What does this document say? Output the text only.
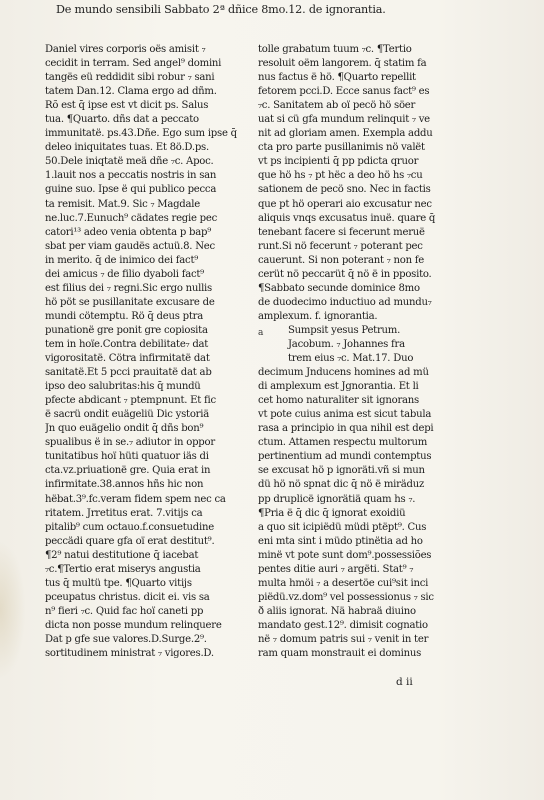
De mundo sensibili Sabbato 2ª dñice 8mo.12. de ignorantia.
Daniel vires corporis oës amisit ₇
cecidit in terram. Sed angel⁹ domini
tangës eü reddidit sibi robur ₇ sani
tatem Dan.12. Clama ergo ad dñm.
Rõ est q̄ ipse est vt dicit ps. Salus
tua. ¶Quarto. dñs dat a peccato
immunitatë. ps.43.Dñe. Ego sum ipse q̄
deleo iniquitates tuas. Et 8ö.D.ps.
50.Dele iniqtatë meä dñe ₇c. Apoc.
1.lauit nos a peccatis nostris in san
guine suo. Ipse ë qui publico pecca
ta remisit. Mat.9. Sic ₇ Magdale
ne.luc.7.Eunuch⁹ cädates regie pec
catori¹³ adeo venia obtenta p bap⁹
sbat per viam gaudës actuü.8. Nec
in merito. q̄ de inimico dei fact⁹
dei amicus ₇ de filio dyaboli fact⁹
est filius dei ₇ regni.Sic ergo nullis
hö pöt se pusillanitate excusare de
mundi cötemptu. Rö q̄ deus ptra
punationë gre ponit gre copiosita
tem in hoïe.Contra debilitate₇ dat
vigorositatë. Cötra infirmitatë dat
sanitatë.Et 5 pcci prauitatë dat ab
ipso deo salubritas:his q̄ mundü
pfecte abdicant ₇ ptempnunt. Et fic
ë sacrü ondit euägeliü Dic ystoriä
Jn quo euägelio ondit q̄ dñs bon⁹
spualibus ë in se.₇ adiutor in oppor
tunitatibus hoï hüti quatuor iäs di
cta.vz.priuationë gre. Quia erat in
infirmitate.38.annos hñs hic non
hëbat.3⁹.fc.veram fidem spem nec ca
ritatem. Jrretitus erat. 7.vitijs ca
pitalib⁹ cum octauo.f.consuetudine
peccädi quare gfa oï erat destitut⁹.
¶2⁹ natui destitutione q̄ iacebat
₇c.¶Tertio erat miserys angustia
tus q̄ multü tpe. ¶Quarto vitijs
pceupatus christus. dicit ei. vis sa
n⁹ fieri ₇c. Quid fac hoï caneti pp
dicta non posse mundum relinquere
Dat p gfe sue valores.D.Surge.2⁹.
sortitudinem ministrat ₇ vigores.D.
tolle grabatum tuum ₇c. ¶Tertio
resoluit oëm langorem. q̄ statim fa
nus factus ë hö. ¶Quarto repellit
fetorem pcci.D. Ecce sanus fact⁹ es
₇c. Sanitatem ab oï pecö hö söer
uat si cü gfa mundum relinquit ₇ ve
nit ad gloriam amen. Exempla addu
cta pro parte pusillanimis nö valët
vt ps incipienti q̄ pp pdicta qruor
que hö hs ₇ pt hëc a deo hö hs ₇cu
sationem de pecö sno. Nec in factis
que pt hö operari aio excusatur nec
aliquis vnqs excusatus inuë. quare q̄
tenebant facere si fecerunt meruë
runt.Si nö fecerunt ₇ poterant pec
cauerunt. Si non poterant ₇ non fe
cerüt nö peccarüt q̄ nö ë in pposito.
¶Sabbato secunde dominice 8mo
de duodecimo inductiuo ad mundu₇
amplexum. f. ignorantia.
Sumpsit yesus Petrum.
Jacobum. ₇ Johannes fra
trem eius ₇c. Mat.17. Duo
decimum Jnducens homines ad mü
di amplexum est Jgnorantia. Et li
cet homo naturaliter sit ignorans
vt pote cuius anima est sicut tabula
rasa a principio in qua nihil est depi
ctum. Attamen respectu multorum
pertinentium ad mundi contemptus
se excusat hö p ignoräti.vñ si mun
dü hö nö spnat dic q̄ nö ë miräduz
pp druplicë ignorätiä quam hs ₇.
¶Pria ë q̄ dic q̄ ignorat exoidiü
a quo sit icipiëdü müdi ptëpt⁹. Cus
eni mta sint i müdo ptinëtia ad ho
minë vt pote sunt dom⁹.possessiões
pentes ditie auri ₇ argëti. Stat⁹ ₇
multa hmöi ₇ a desertöe cui⁹sit inci
piëdü.vz.dom⁹ vel possessionus ₇ sic
ð aliis ignorat. Nä habraä diuino
mandato gest.12⁹. dimisit cognatio
në ₇ domum patris sui ₇ venit in ter
ram quam monstrauit ei dominus
a
d ii
